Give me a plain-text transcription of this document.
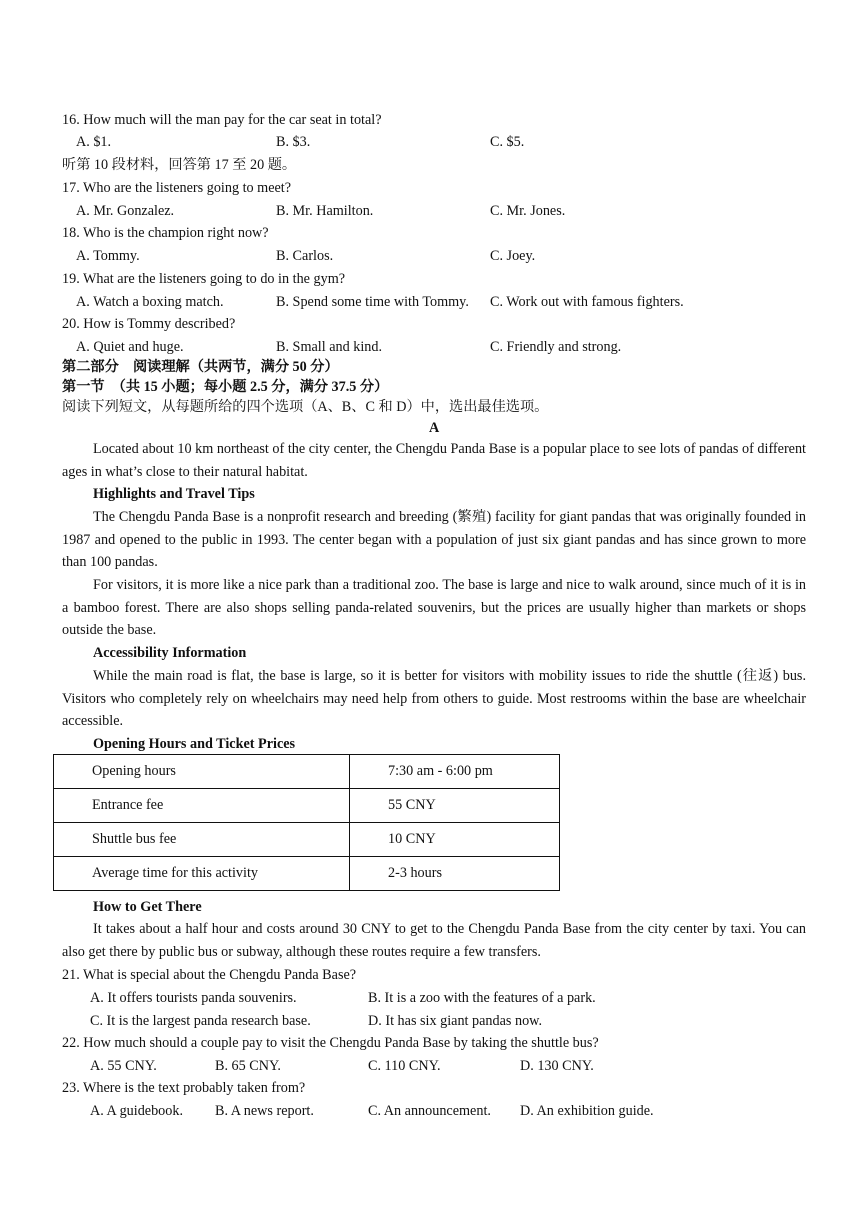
16. How much will the man pay for the car seat in total?
A. $1.	B. $3.	C. $5.
听第 10 段材料，回答第 17 至 20 题。
17. Who are the listeners going to meet?
A. Mr. Gonzalez.	B. Mr. Hamilton.	C. Mr. Jones.
18. Who is the champion right now?
A. Tommy.	B. Carlos.	C. Joey.
19. What are the listeners going to do in the gym?
A. Watch a boxing match.	B. Spend some time with Tommy. C. Work out with famous fighters.
20. How is Tommy described?
A. Quiet and huge.	B. Small and kind.	C. Friendly and strong.
第二部分　阅读理解（共两节，满分 50 分）
第一节　（共 15 小题；每小题 2.5 分，满分 37.5 分）
阅读下列短文，从每题所给的四个选项（A、B、C 和 D）中，选出最佳选项。
A
Located about 10 km northeast of the city center, the Chengdu Panda Base is a popular place to see lots of pandas of different ages in what’s close to their natural habitat.
Highlights and Travel Tips
The Chengdu Panda Base is a nonprofit research and breeding (繁殖) facility for giant pandas that was originally founded in 1987 and opened to the public in 1993. The center began with a population of just six giant pandas and has since grown to more than 100 pandas.
For visitors, it is more like a nice park than a traditional zoo. The base is large and nice to walk around, since much of it is in a bamboo forest. There are also shops selling panda-related souvenirs, but the prices are usually higher than markets or shops outside the base.
Accessibility Information
While the main road is flat, the base is large, so it is better for visitors with mobility issues to ride the shuttle (往返) bus. Visitors who completely rely on wheelchairs may need help from others to guide. Most restrooms within the base are wheelchair accessible.
Opening Hours and Ticket Prices
Opening hours	7:30 am - 6:00 pm
Entrance fee	55 CNY
Shuttle bus fee	10 CNY
Average time for this activity	2-3 hours
How to Get There
It takes about a half hour and costs around 30 CNY to get to the Chengdu Panda Base from the city center by taxi. You can also get there by public bus or subway, although these routes require a few transfers.
21. What is special about the Chengdu Panda Base?
A. It offers tourists panda souvenirs.	B. It is a zoo with the features of a park.
C. It is the largest panda research base.	D. It has six giant pandas now.
22. How much should a couple pay to visit the Chengdu Panda Base by taking the shuttle bus?
A. 55 CNY.	B. 65 CNY.	C. 110 CNY.	D. 130 CNY.
23. Where is the text probably taken from?
A. A guidebook. B. A news report.	C. An announcement. D. An exhibition guide.
